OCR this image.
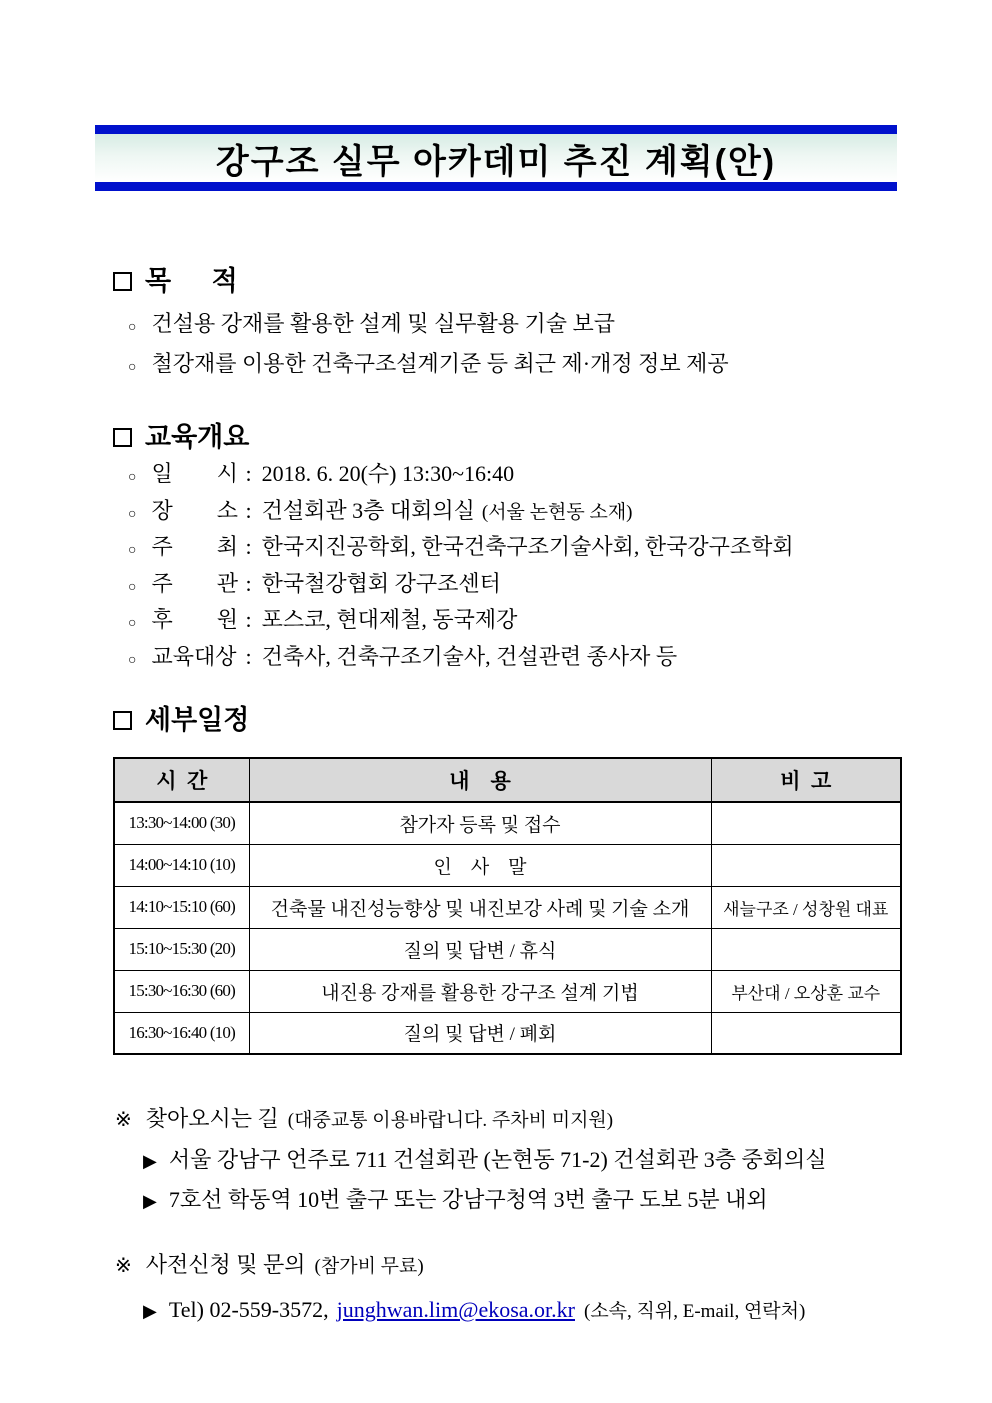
강구조 실무 아카데미 추진 계획(안)
목  적
○ 건설용 강재를 활용한 설계 및 실무활용 기술 보급
○ 철강재를 이용한 건축구조설계기준 등 최근 제·개정 정보 제공
교육개요
○ 일  시 : 2018. 6. 20(수) 13:30~16:40
○ 장  소 : 건설회관 3층 대회의실 (서울 논현동 소재)
○ 주  최 : 한국지진공학회, 한국건축구조기술사회, 한국강구조학회
○ 주  관 : 한국철강협회 강구조센터
○ 후  원 : 포스코, 현대제철, 동국제강
○ 교육대상 : 건축사, 건축구조기술사, 건설관련 종사자 등
세부일정
시 간	내  용	비 고
13:30~14:00 (30)	참가자 등록 및 접수	
14:00~14:10 (10)	인 사 말	
14:10~15:10 (60)	건축물 내진성능향상 및 내진보강 사례 및 기술 소개	새늘구조 / 성창원 대표
15:10~15:30 (20)	질의 및 답변 / 휴식	
15:30~16:30 (60)	내진용 강재를 활용한 강구조 설계 기법	부산대 / 오상훈 교수
16:30~16:40 (10)	질의 및 답변 / 폐회	
※ 찾아오시는 길 (대중교통 이용바랍니다. 주차비 미지원)
▶ 서울 강남구 언주로 711 건설회관 (논현동 71-2) 건설회관 3층 중회의실
▶ 7호선 학동역 10번 출구 또는 강남구청역 3번 출구 도보 5분 내외
※ 사전신청 및 문의 (참가비 무료)
▶ Tel) 02-559-3572, junghwan.lim@ekosa.or.kr (소속, 직위, E-mail, 연락처)
